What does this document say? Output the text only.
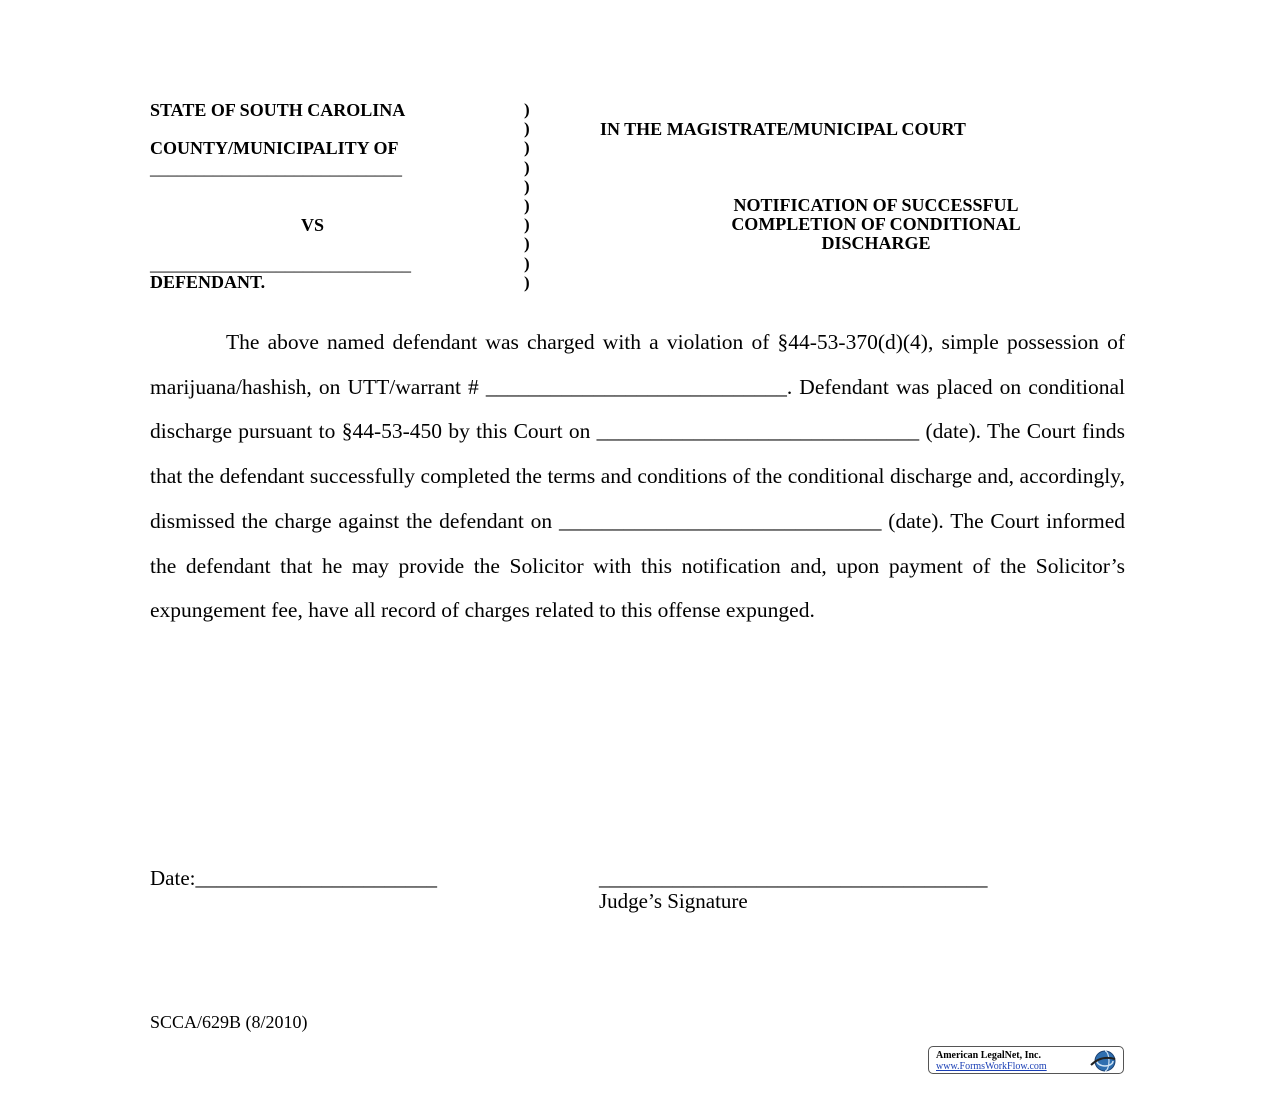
STATE OF SOUTH CAROLINA
COUNTY/MUNICIPALITY OF
____________________________
VS
_____________________________
DEFENDANT.
)
)
)
)
)
)
)
)
)
)
IN THE MAGISTRATE/MUNICIPAL COURT
NOTIFICATION OF SUCCESSFUL
COMPLETION OF CONDITIONAL
DISCHARGE
The above named defendant was charged with a violation of §44-53-370(d)(4), simple possession of marijuana/hashish, on UTT/warrant # ____________________________. Defendant was placed on conditional discharge pursuant to §44-53-450 by this Court on ______________________________ (date). The Court finds that the defendant successfully completed the terms and conditions of the conditional discharge and, accordingly, dismissed the charge against the defendant on ______________________________ (date). The Court informed the defendant that he may provide the Solicitor with this notification and, upon payment of the Solicitor’s expungement fee, have all record of charges related to this offense expunged.
Date:_______________________	_____________________________________
Judge’s Signature
SCCA/629B (8/2010)
American LegalNet, Inc.
www.FormsWorkFlow.com
